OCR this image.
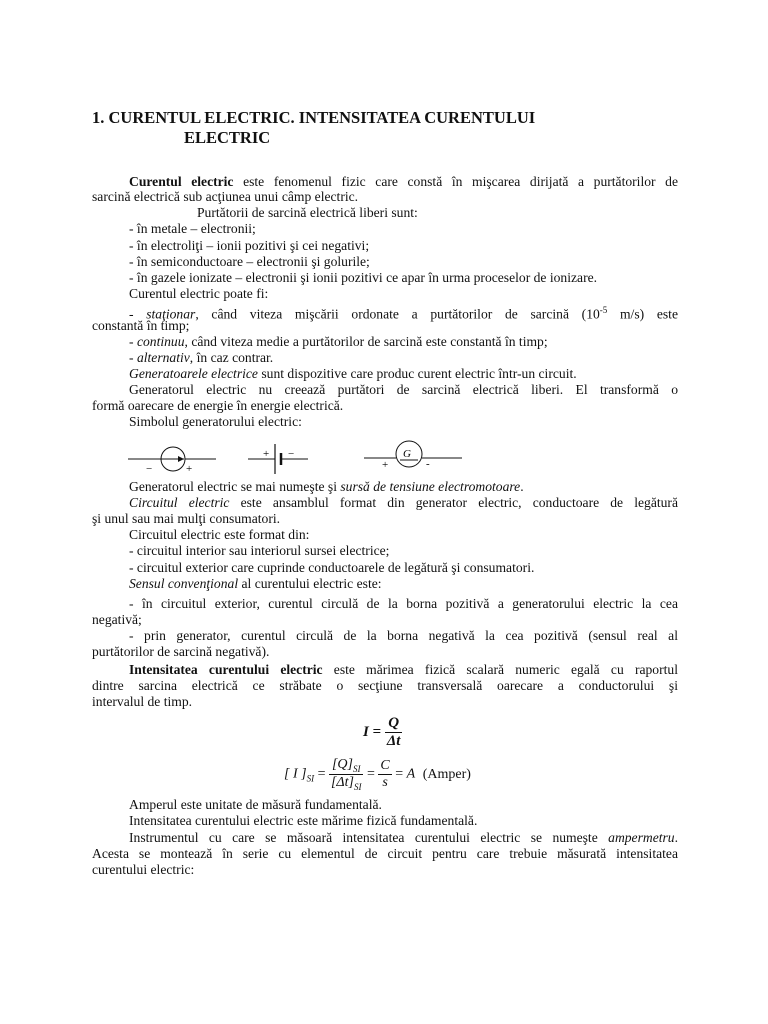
1. CURENTUL ELECTRIC. INTENSITATEA CURENTULUI
ELECTRIC
Curentul electric este fenomenul fizic care constă în mişcarea dirijată a purtătorilor de
sarcină electrică sub acţiunea unui câmp electric.
Purtătorii de sarcină electrică liberi sunt:
- în metale – electronii;
- în electroliţi – ionii pozitivi şi cei negativi;
- în semiconductoare – electronii şi golurile;
- în gazele ionizate – electronii şi ionii pozitivi ce apar în urma proceselor de ionizare.
Curentul electric poate fi:
- staţionar, când viteza mişcării ordonate a purtătorilor de sarcină ($10^{-5}$ m/s) este
constantă în timp;
- continuu, când viteza medie a purtătorilor de sarcină este constantă în timp;
- alternativ, în caz contrar.
Generatoarele electrice sunt dispozitive care produc curent electric într-un circuit.
Generatorul electric nu creează purtători de sarcină electrică liberi. El transformă o
formă oarecare de energie în energie electrică.
Simbolul generatorului electric:
−	+
+ −	G
+	-
Generatorul electric se mai numeşte şi sursă de tensiune electromotoare.
Circuitul electric este ansamblul format din generator electric, conductoare de legătură
şi unul sau mai mulţi consumatori.
Circuitul electric este format din:
- circuitul interior sau interiorul sursei electrice;
- circuitul exterior care cuprinde conductoarele de legătură şi consumatori.
Sensul convenţional al curentului electric este:
- în circuitul exterior, curentul circulă de la borna pozitivă a generatorului electric la cea
negativă;
- prin generator, curentul circulă de la borna negativă la cea pozitivă (sensul real al
purtătorilor de sarcină negativă).
Intensitatea curentului electric este mărimea fizică scalară numeric egală cu raportul
dintre sarcina electrică ce străbate o secţiune transversală oarecare a conductorului şi
intervalul de timp.
$I = \frac{Q}{\Delta t}$
[ I ]$_{SI} = \frac{[Q]_{SI}}{[\Delta t]_{SI}} = \frac{C}{s} = A$ (Amper)
Amperul este unitate de măsură fundamentală.
Intensitatea curentului electric este mărime fizică fundamentală.
Instrumentul cu care se măsoară intensitatea curentului electric se numeşte ampermetru.
Acesta se montează în serie cu elementul de circuit pentru care trebuie măsurată intensitatea
curentului electric:
